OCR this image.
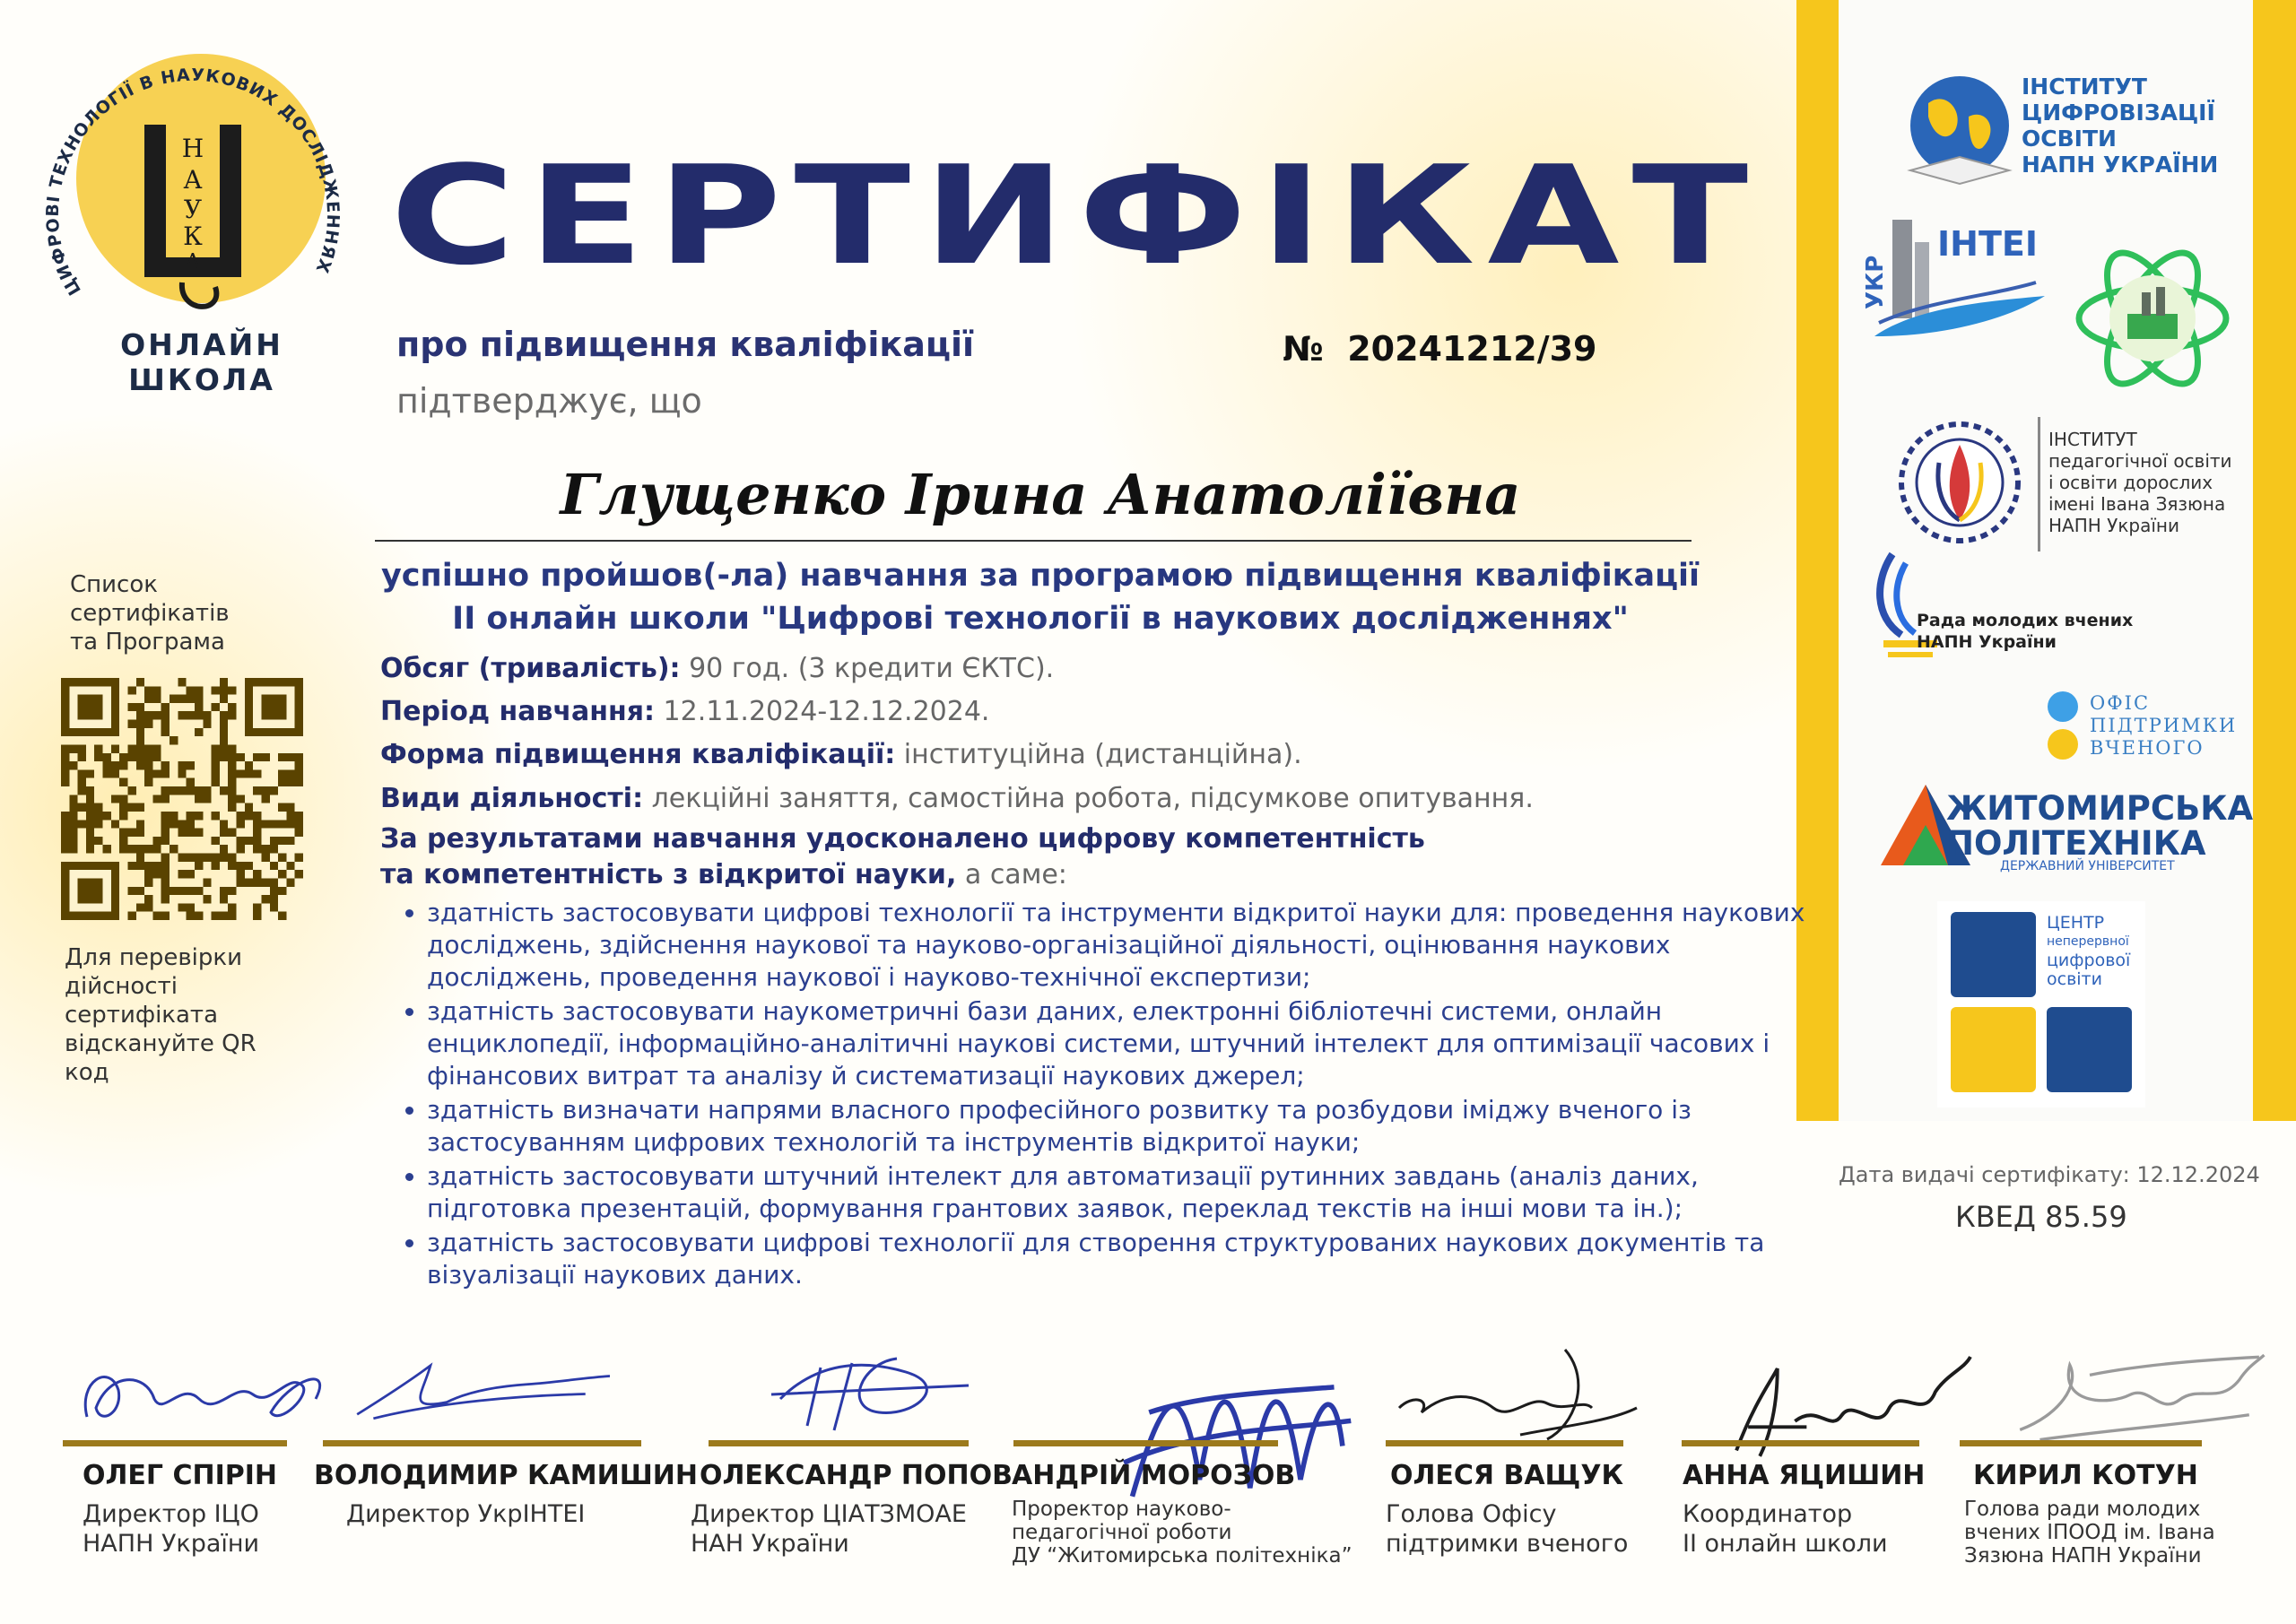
ЦИФРОВІ ТЕХНОЛОГІЇ В НАУКОВИХ ДОСЛІДЖЕННЯХ
Н
А
У
К
А
ОНЛАЙН ШКОЛА
СЕРТИФІКАТ
про підвищення кваліфікації
підтверджує, що
№ 20241212/39
Глущенко Ірина Анатоліївна
успішно пройшов(-ла) навчання за програмою підвищення кваліфікації
ІІ онлайн школи "Цифрові технології в наукових дослідженнях"
Обсяг (тривалість): 90 год. (3 кредити ЄКТС).
Період навчання: 12.11.2024-12.12.2024.
Форма підвищення кваліфікації: інституційна (дистанційна).
Види діяльності: лекційні заняття, самостійна робота, підсумкове опитування.
За результатами навчання удосконалено цифрову компетентність
та компетентність з відкритої науки, а саме:
• здатність застосовувати цифрові технології та інструменти відкритої науки для: проведення наукових досліджень, здійснення наукової та науково-організаційної діяльності, оцінювання наукових досліджень, проведення наукової і науково-технічної експертизи;
• здатність застосовувати наукометричні бази даних, електронні бібліотечні системи, онлайн енциклопедії, інформаційно-аналітичні наукові системи, штучний інтелект для оптимізації часових і фінансових витрат та аналізу й систематизації наукових джерел;
• здатність визначати напрями власного професійного розвитку та розбудови іміджу вченого із застосуванням цифрових технологій та інструментів відкритої науки;
• здатність застосовувати штучний інтелект для автоматизації рутинних завдань (аналіз даних, підготовка презентацій, формування грантових заявок, переклад текстів на інші мови та ін.);
• здатність застосовувати цифрові технології для створення структурованих наукових документів та візуалізації наукових даних.
Список сертифікатів та Програма
Для перевірки дійсності сертифіката відскануйте QR код
ІНСТИТУТ
ЦИФРОВІЗАЦІЇ
ОСВІТИ
НАПН УКРАЇНИ
ІНТЕІ
УКР
ІНСТИТУТ
педагогічної освіти
і освіти дорослих
імені Івана Зязюна
НАПН України
Рада молодих вчених
НАПН України
ОФІС
ПІДТРИМКИ
ВЧЕНОГО
ЖИТОМИРСЬКА
ПОЛІТЕХНІКА
ДЕРЖАВНИЙ УНІВЕРСИТЕТ
ЦЕНТР
неперервної
цифрової
освіти
Дата видачі сертифікату: 12.12.2024
КВЕД 85.59
ОЛЕГ СПІРІН
Директор ІЦО
НАПН України
ВОЛОДИМИР КАМИШИН
Директор УкрІНТЕІ
ОЛЕКСАНДР ПОПОВ
Директор ЦІАТЗМОАЕ
НАН України
АНДРІЙ МОРОЗОВ
Проректор науково-
педагогічної роботи
ДУ “Житомирська політехніка”
ОЛЕСЯ ВАЩУК
Голова Офісу
підтримки вченого
АННА ЯЦИШИН
Координатор
ІІ онлайн школи
КИРИЛ КОТУН
Голова ради молодих
вчених ІПООД ім. Івана
Зязюна НАПН України
